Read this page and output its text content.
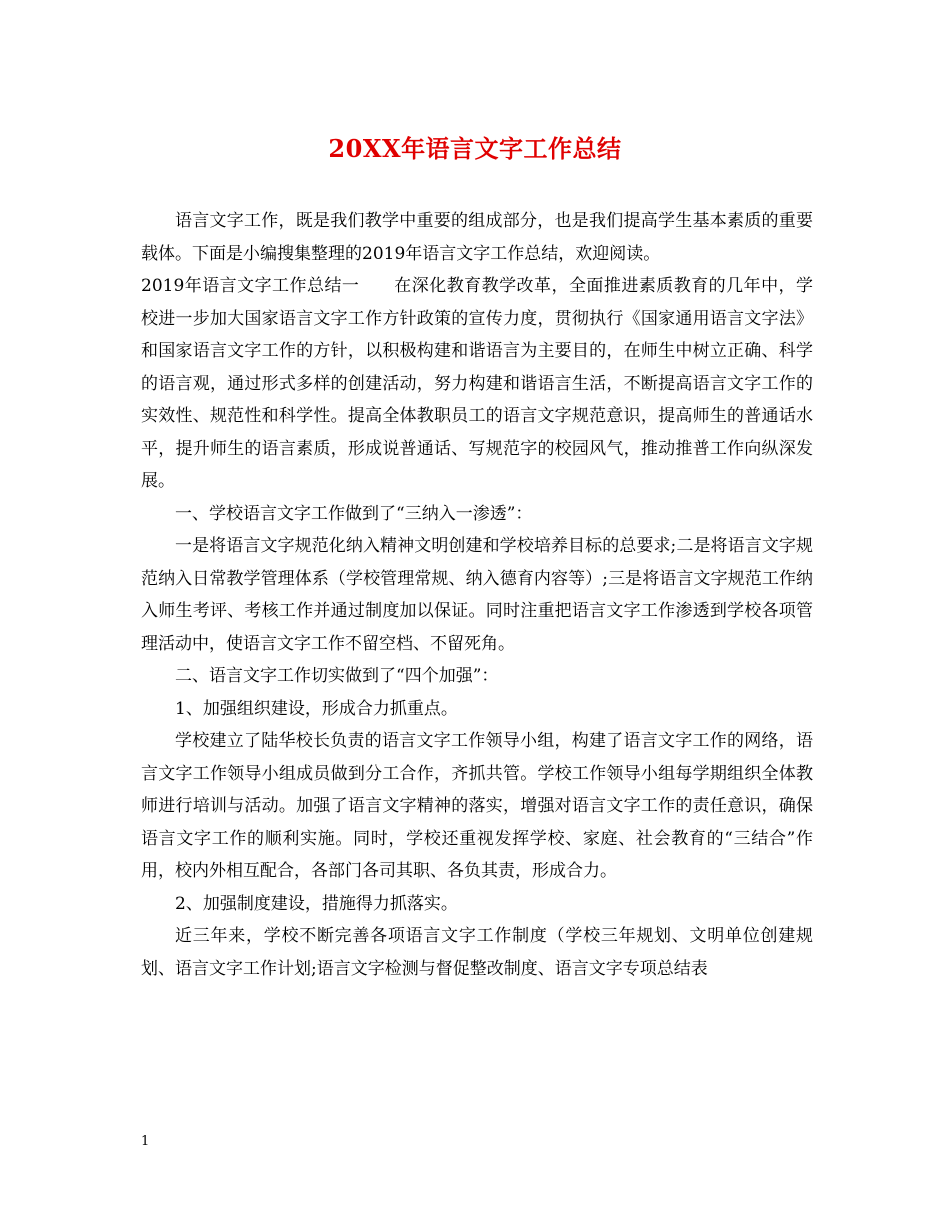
20XX年语言文字工作总结

语言文字工作，既是我们教学中重要的组成部分，也是我们提高学生基本素质的重要载体。下面是小编搜集整理的2019年语言文字工作总结，欢迎阅读。

2019年语言文字工作总结一　　在深化教育教学改革，全面推进素质教育的几年中，学校进一步加大国家语言文字工作方针政策的宣传力度，贯彻执行《国家通用语言文字法》和国家语言文字工作的方针，以积极构建和谐语言为主要目的，在师生中树立正确、科学的语言观，通过形式多样的创建活动，努力构建和谐语言生活，不断提高语言文字工作的实效性、规范性和科学性。提高全体教职员工的语言文字规范意识，提高师生的普通话水平，提升师生的语言素质，形成说普通话、写规范字的校园风气，推动推普工作向纵深发展。

一、学校语言文字工作做到了“三纳入一渗透”：

一是将语言文字规范化纳入精神文明创建和学校培养目标的总要求;二是将语言文字规范纳入日常教学管理体系（学校管理常规、纳入德育内容等）;三是将语言文字规范工作纳入师生考评、考核工作并通过制度加以保证。同时注重把语言文字工作渗透到学校各项管理活动中，使语言文字工作不留空档、不留死角。

二、语言文字工作切实做到了“四个加强”：

1、加强组织建设，形成合力抓重点。

学校建立了陆华校长负责的语言文字工作领导小组，构建了语言文字工作的网络，语言文字工作领导小组成员做到分工合作，齐抓共管。学校工作领导小组每学期组织全体教师进行培训与活动。加强了语言文字精神的落实，增强对语言文字工作的责任意识，确保语言文字工作的顺利实施。同时，学校还重视发挥学校、家庭、社会教育的“三结合”作用，校内外相互配合，各部门各司其职、各负其责，形成合力。

2、加强制度建设，措施得力抓落实。

近三年来，学校不断完善各项语言文字工作制度（学校三年规划、文明单位创建规划、语言文字工作计划;语言文字检测与督促整改制度、语言文字专项总结表

1
